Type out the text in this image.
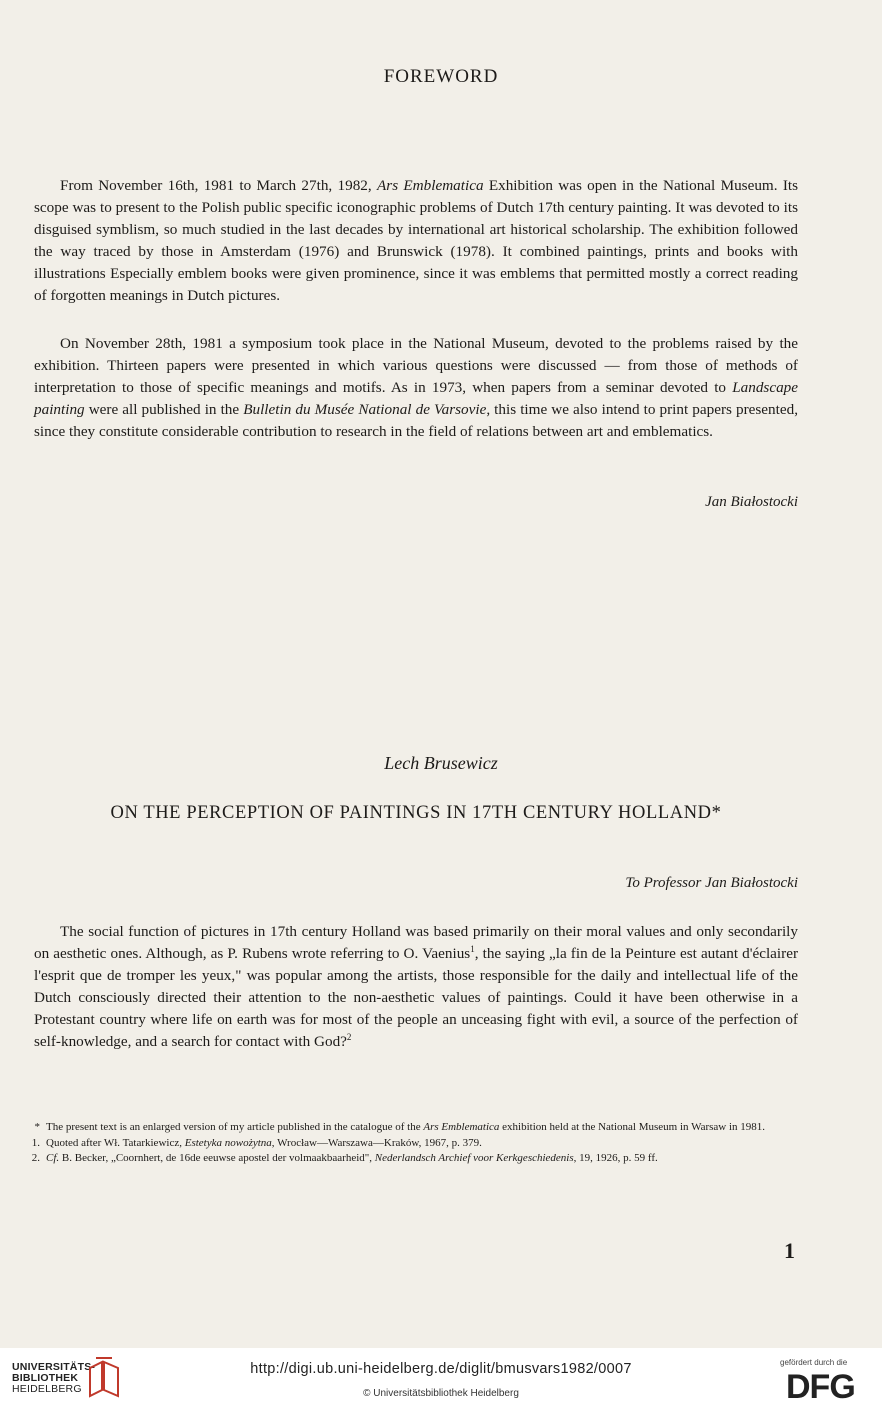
FOREWORD

From November 16th, 1981 to March 27th, 1982, Ars Emblematica Exhibition was open in the National Museum. Its scope was to present to the Polish public specific iconographic problems of Dutch 17th century painting. It was devoted to its disguised symblism, so much studied in the last decades by international art historical scholarship. The exhibition followed the way traced by those in Amsterdam (1976) and Brunswick (1978). It combined paintings, prints and books with illustrations Especially emblem books were given prominence, since it was emblems that permitted mostly a correct reading of forgotten meanings in Dutch pictures.

On November 28th, 1981 a symposium took place in the National Museum, devoted to the problems raised by the exhibition. Thirteen papers were presented in which various questions were discussed — from those of methods of interpretation to those of specific meanings and motifs. As in 1973, when papers from a seminar devoted to Landscape painting were all published in the Bulletin du Musée National de Varsovie, this time we also intend to print papers presented, since they constitute considerable contribution to research in the field of relations between art and emblematics.

Jan Białostocki
Lech Brusewicz
ON THE PERCEPTION OF PAINTINGS IN 17TH CENTURY HOLLAND*
To Professor Jan Białostocki

The social function of pictures in 17th century Holland was based primarily on their moral values and only secondarily on aesthetic ones. Although, as P. Rubens wrote referring to O. Vaenius$^1$, the saying „la fin de la Peinture est autant d'éclairer l'esprit que de tromper les yeux," was popular among the artists, those responsible for the daily and intellectual life of the Dutch consciously directed their attention to the non-aesthetic values of paintings. Could it have been otherwise in a Protestant country where life on earth was for most of the people an unceasing fight with evil, a source of the perfection of self-knowledge, and a search for contact with God?$^2$

* The present text is an enlarged version of my article published in the catalogue of the Ars Emblematica exhibition held at the National Museum in Warsaw in 1981.
1. Quoted after Wł. Tatarkiewicz, Estetyka nowożytna, Wrocław—Warszawa—Kraków, 1967, p. 379.
2. Cf. B. Becker, „Coornhert, de 16de eeuwse apostel der volmaakbaarheid", Nederlandsch Archief voor Kerkgeschiedenis, 19, 1926, p. 59 ff.
1
UNIVERSITÄTS-
BIBLIOTHEK
HEIDELBERG
http://digi.ub.uni-heidelberg.de/diglit/bmusvars1982/0007
© Universitätsbibliothek Heidelberg
gefördert durch die
DFG
